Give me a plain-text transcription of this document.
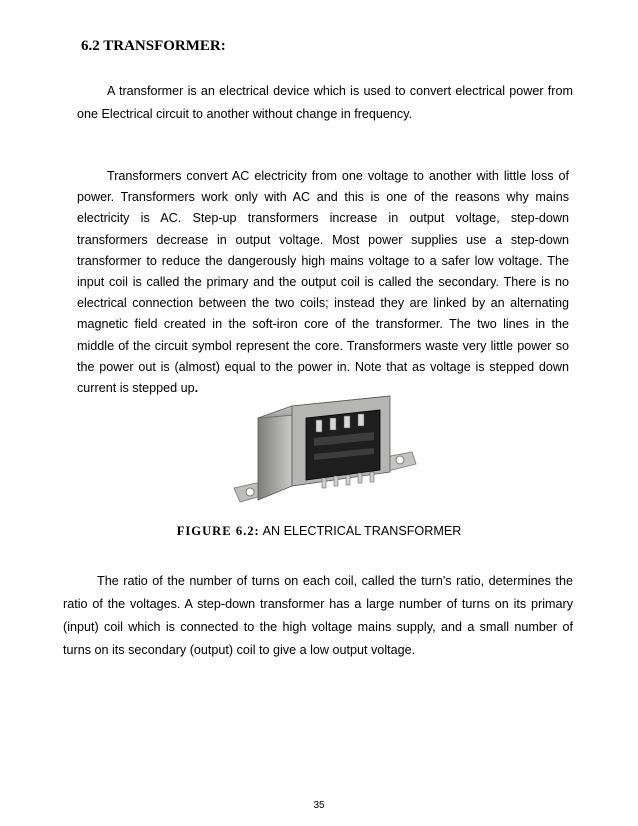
6.2 TRANSFORMER:

A transformer is an electrical device which is used to convert electrical power from one Electrical circuit to another without change in frequency.

Transformers convert AC electricity from one voltage to another with little loss of power. Transformers work only with AC and this is one of the reasons why mains electricity is AC. Step-up transformers increase in output voltage, step-down transformers decrease in output voltage. Most power supplies use a step-down transformer to reduce the dangerously high mains voltage to a safer low voltage. The input coil is called the primary and the output coil is called the secondary. There is no electrical connection between the two coils; instead they are linked by an alternating magnetic field created in the soft-iron core of the transformer. The two lines in the middle of the circuit symbol represent the core. Transformers waste very little power so the power out is (almost) equal to the power in. Note that as voltage is stepped down current is stepped up.

FIGURE 6.2: AN ELECTRICAL TRANSFORMER

The ratio of the number of turns on each coil, called the turn's ratio, determines the ratio of the voltages. A step-down transformer has a large number of turns on its primary (input) coil which is connected to the high voltage mains supply, and a small number of turns on its secondary (output) coil to give a low output voltage.

35
